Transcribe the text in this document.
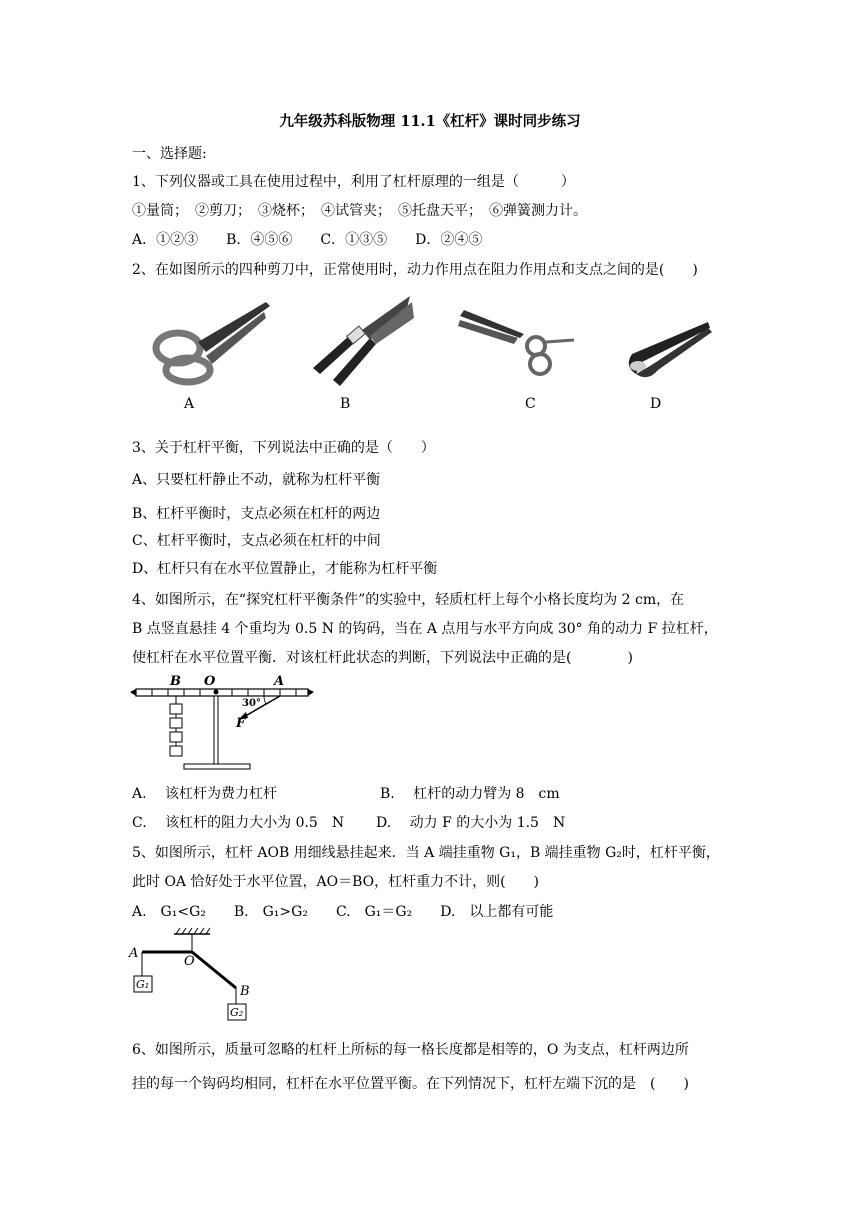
九年级苏科版物理 11.1《杠杆》课时同步练习
一、选择题:
1、下列仪器或工具在使用过程中，利用了杠杆原理的一组是（　　　）
①量筒；　②剪刀；　③烧杯；　④试管夹；　⑤托盘天平；　⑥弹簧测力计。
A．①②③　　B．④⑤⑥　　C．①③⑤　　D．②④⑤
2、在如图所示的四种剪刀中，正常使用时，动力作用点在阻力作用点和支点之间的是(　　)
A	B	C	D
3、关于杠杆平衡，下列说法中正确的是（　　）
A、只要杠杆静止不动，就称为杠杆平衡
B、杠杆平衡时，支点必须在杠杆的两边
C、杠杆平衡时，支点必须在杠杆的中间
D、杠杆只有在水平位置静止，才能称为杠杆平衡
4、如图所示，在“探究杠杆平衡条件”的实验中，轻质杠杆上每个小格长度均为 2 cm，在
B 点竖直悬挂 4 个重均为 0.5 N 的钩码，当在 A 点用与水平方向成 30° 角的动力 F 拉杠杆，
使杠杆在水平位置平衡．对该杠杆此状态的判断，下列说法中正确的是(　　　　)
B O	A
30°
F
A.　 该杠杆为费力杠杆	B.　 杠杆的动力臂为 8　cm
C.　 该杠杆的阻力大小为 0.5　N D.　 动力 F 的大小为 1.5　N
5、如图所示，杠杆 AOB 用细线悬挂起来．当 A 端挂重物 G₁，B 端挂重物 G₂时，杠杆平衡，
此时 OA 恰好处于水平位置，AO＝BO，杠杆重力不计，则(　　)
A.　G₁<G₂　　B.　G₁>G₂　　C.　G₁＝G₂　　D.　以上都有可能
A
O
B
G₁
G₂
6、如图所示，质量可忽略的杠杆上所标的每一格长度都是相等的，O 为支点，杠杆两边所
挂的每一个钩码均相同，杠杆在水平位置平衡。在下列情况下，杠杆左端下沉的是　(　　)
